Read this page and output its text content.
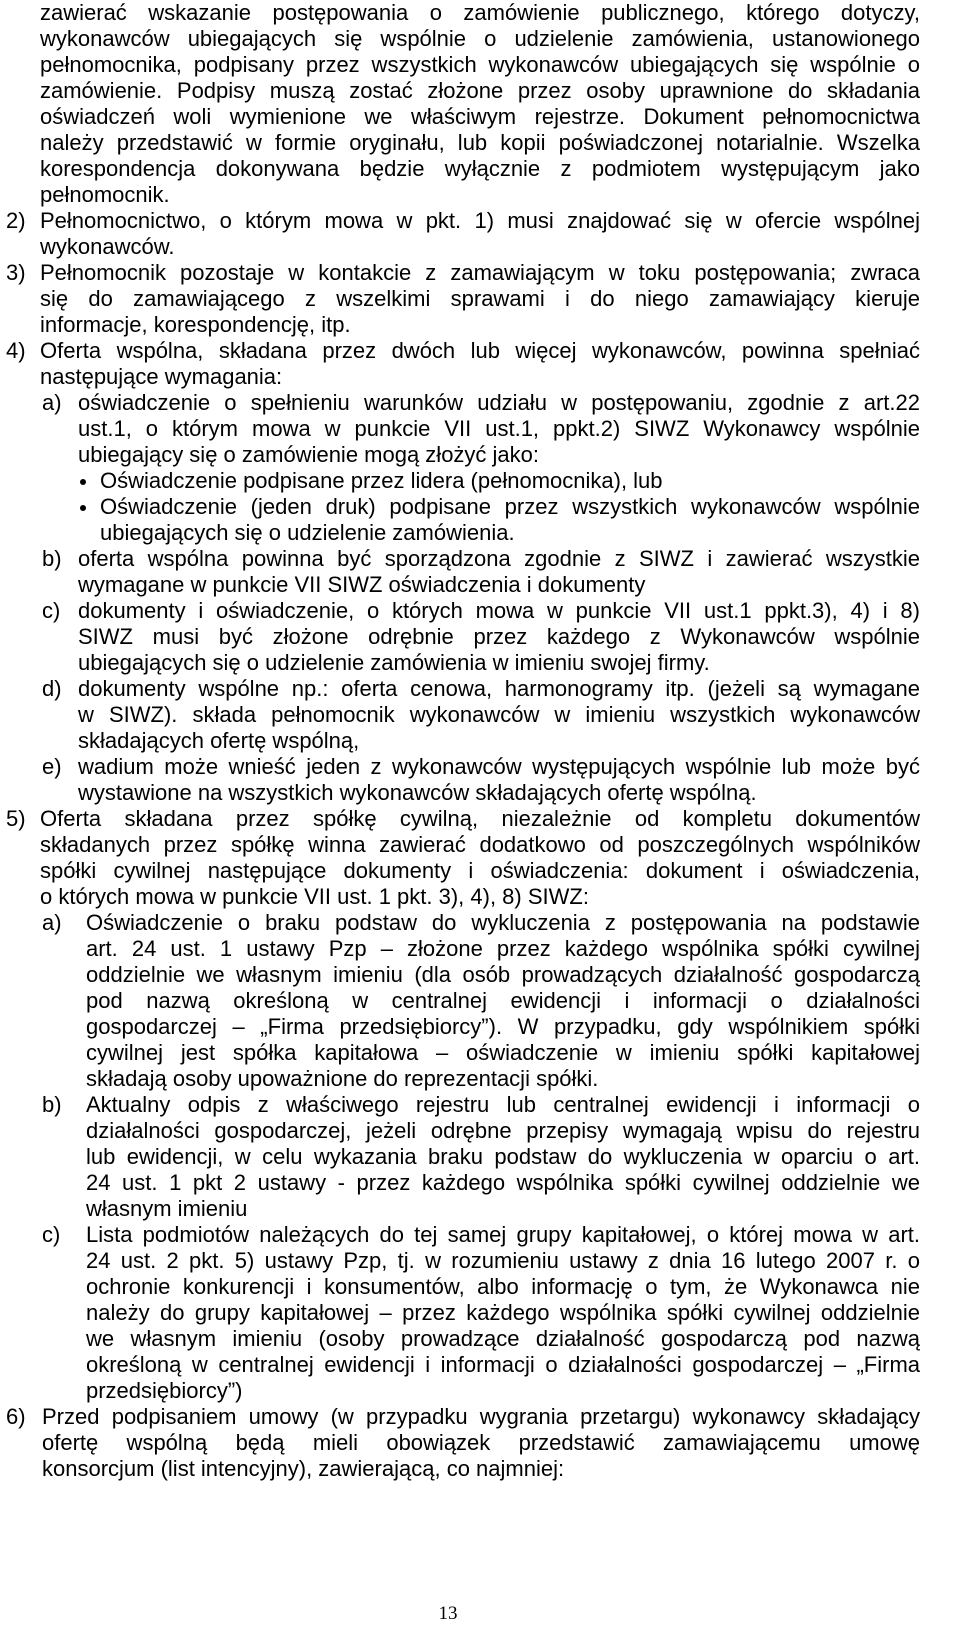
zawierać wskazanie postępowania o zamówienie publicznego, którego dotyczy,
wykonawców ubiegających się wspólnie o udzielenie zamówienia, ustanowionego
pełnomocnika, podpisany przez wszystkich wykonawców ubiegających się wspólnie o
zamówienie. Podpisy muszą zostać złożone przez osoby uprawnione do składania
oświadczeń woli wymienione we właściwym rejestrze. Dokument pełnomocnictwa
należy przedstawić w formie oryginału, lub kopii poświadczonej notarialnie. Wszelka
korespondencja dokonywana będzie wyłącznie z podmiotem występującym jako
pełnomocnik.
2) Pełnomocnictwo, o którym mowa w pkt. 1) musi znajdować się w ofercie wspólnej
wykonawców.
3) Pełnomocnik pozostaje w kontakcie z zamawiającym w toku postępowania; zwraca
się do zamawiającego z wszelkimi sprawami i do niego zamawiający kieruje
informacje, korespondencję, itp.
4) Oferta wspólna, składana przez dwóch lub więcej wykonawców, powinna spełniać
następujące wymagania:
a) oświadczenie o spełnieniu warunków udziału w postępowaniu, zgodnie z art.22
ust.1, o którym mowa w punkcie VII ust.1, ppkt.2) SIWZ Wykonawcy wspólnie
ubiegający się o zamówienie mogą złożyć jako:
Oświadczenie podpisane przez lidera (pełnomocnika), lub
Oświadczenie (jeden druk) podpisane przez wszystkich wykonawców wspólnie
ubiegających się o udzielenie zamówienia.
b) oferta wspólna powinna być sporządzona zgodnie z SIWZ i zawierać wszystkie
wymagane w punkcie VII SIWZ oświadczenia i dokumenty
c) dokumenty i oświadczenie, o których mowa w punkcie VII ust.1 ppkt.3), 4) i 8)
SIWZ musi być złożone odrębnie przez każdego z Wykonawców wspólnie
ubiegających się o udzielenie zamówienia w imieniu swojej firmy.
d) dokumenty wspólne np.: oferta cenowa, harmonogramy itp. (jeżeli są wymagane
w SIWZ). składa pełnomocnik wykonawców w imieniu wszystkich wykonawców
składających ofertę wspólną,
e) wadium może wnieść jeden z wykonawców występujących wspólnie lub może być
wystawione na wszystkich wykonawców składających ofertę wspólną.
5) Oferta składana przez spółkę cywilną, niezależnie od kompletu dokumentów
składanych przez spółkę winna zawierać dodatkowo od poszczególnych wspólników
spółki cywilnej następujące dokumenty i oświadczenia: dokument i oświadczenia,
o których mowa w punkcie VII ust. 1 pkt. 3), 4), 8) SIWZ:
a) Oświadczenie o braku podstaw do wykluczenia z postępowania na podstawie
art. 24 ust. 1 ustawy Pzp – złożone przez każdego wspólnika spółki cywilnej
oddzielnie we własnym imieniu (dla osób prowadzących działalność gospodarczą
pod nazwą określoną w centralnej ewidencji i informacji o działalności
gospodarczej – „Firma przedsiębiorcy”). W przypadku, gdy wspólnikiem spółki
cywilnej jest spółka kapitałowa – oświadczenie w imieniu spółki kapitałowej
składają osoby upoważnione do reprezentacji spółki.
b) Aktualny odpis z właściwego rejestru lub centralnej ewidencji i informacji o
działalności gospodarczej, jeżeli odrębne przepisy wymagają wpisu do rejestru
lub ewidencji, w celu wykazania braku podstaw do wykluczenia w oparciu o art.
24 ust. 1 pkt 2 ustawy - przez każdego wspólnika spółki cywilnej oddzielnie we
własnym imieniu
c) Lista podmiotów należących do tej samej grupy kapitałowej, o której mowa w art.
24 ust. 2 pkt. 5) ustawy Pzp, tj. w rozumieniu ustawy z dnia 16 lutego 2007 r. o
ochronie konkurencji i konsumentów, albo informację o tym, że Wykonawca nie
należy do grupy kapitałowej – przez każdego wspólnika spółki cywilnej oddzielnie
we własnym imieniu (osoby prowadzące działalność gospodarczą pod nazwą
określoną w centralnej ewidencji i informacji o działalności gospodarczej – „Firma
przedsiębiorcy”)
6) Przed podpisaniem umowy (w przypadku wygrania przetargu) wykonawcy składający
ofertę wspólną będą mieli obowiązek przedstawić zamawiającemu umowę
konsorcjum (list intencyjny), zawierającą, co najmniej:
13
